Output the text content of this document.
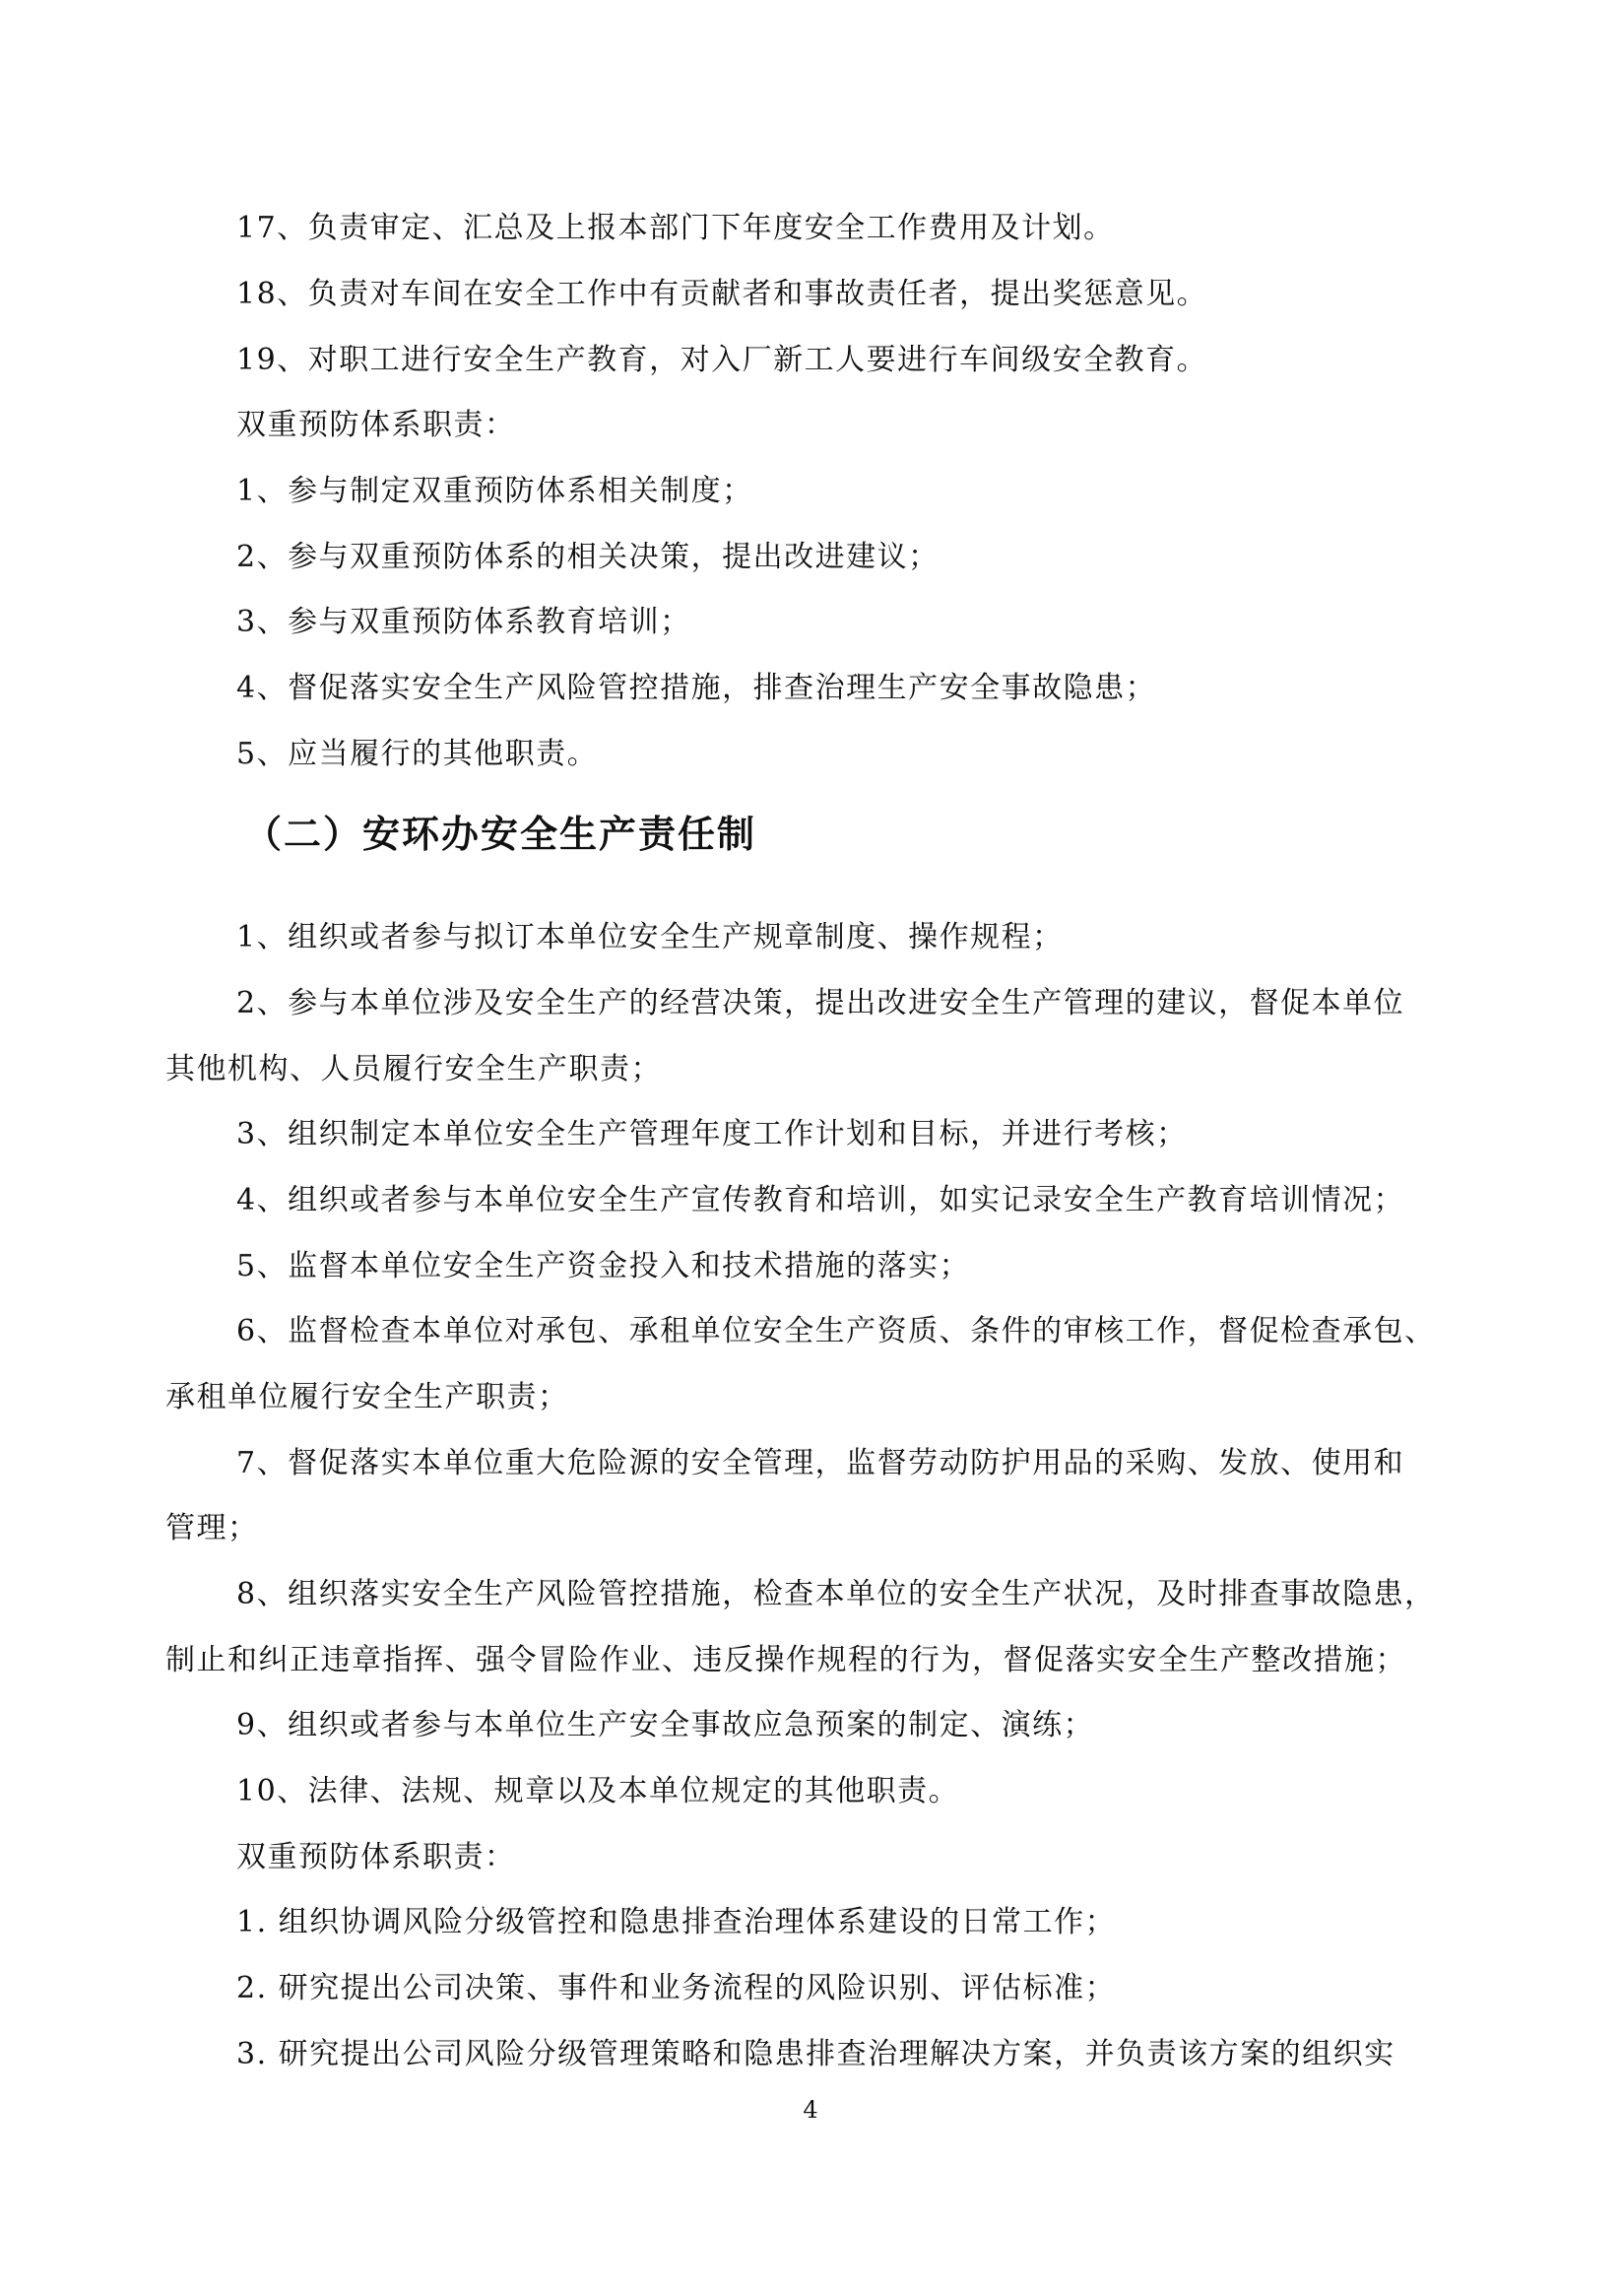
17、负责审定、汇总及上报本部门下年度安全工作费用及计划。
18、负责对车间在安全工作中有贡献者和事故责任者，提出奖惩意见。
19、对职工进行安全生产教育，对入厂新工人要进行车间级安全教育。
双重预防体系职责：
1、参与制定双重预防体系相关制度；
2、参与双重预防体系的相关决策，提出改进建议；
3、参与双重预防体系教育培训；
4、督促落实安全生产风险管控措施，排查治理生产安全事故隐患；
5、应当履行的其他职责。
（二）安环办安全生产责任制
1、组织或者参与拟订本单位安全生产规章制度、操作规程；
2、参与本单位涉及安全生产的经营决策，提出改进安全生产管理的建议，督促本单位
其他机构、人员履行安全生产职责；
3、组织制定本单位安全生产管理年度工作计划和目标，并进行考核；
4、组织或者参与本单位安全生产宣传教育和培训，如实记录安全生产教育培训情况；
5、监督本单位安全生产资金投入和技术措施的落实；
6、监督检查本单位对承包、承租单位安全生产资质、条件的审核工作，督促检查承包、
承租单位履行安全生产职责；
7、督促落实本单位重大危险源的安全管理，监督劳动防护用品的采购、发放、使用和
管理；
8、组织落实安全生产风险管控措施，检查本单位的安全生产状况，及时排查事故隐患，
制止和纠正违章指挥、强令冒险作业、违反操作规程的行为，督促落实安全生产整改措施；
9、组织或者参与本单位生产安全事故应急预案的制定、演练；
10、法律、法规、规章以及本单位规定的其他职责。
双重预防体系职责：
1. 组织协调风险分级管控和隐患排查治理体系建设的日常工作；
2. 研究提出公司决策、事件和业务流程的风险识别、评估标准；
3. 研究提出公司风险分级管理策略和隐患排查治理解决方案，并负责该方案的组织实
4
